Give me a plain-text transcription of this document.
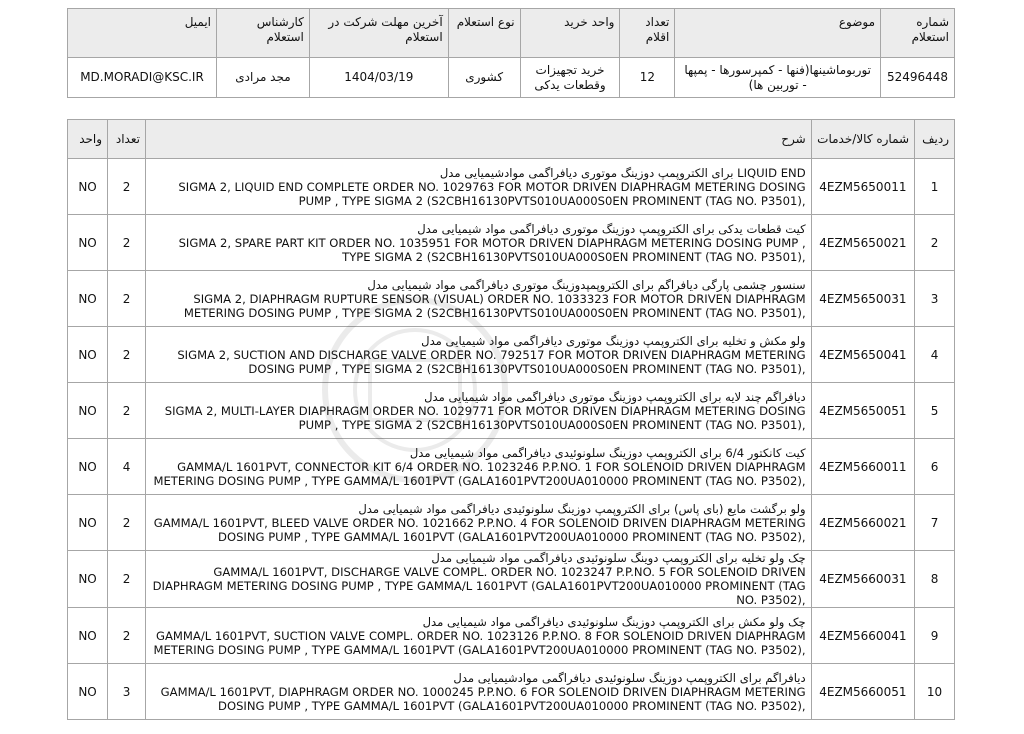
شماره استعلام	موضوع	تعداد اقلام	واحد خرید	نوع استعلام	آخرین مهلت شرکت در استعلام	کارشناس استعلام	ایمیل
52496448	توربوماشینها(فنها - کمپرسورها - پمپها - توربین ها)	12	خرید تجهیزات وقطعات یدکی	کشوری	1404/03/19	مجد مرادی	MD.MORADI@KSC.IR
ردیف	شماره کالا/خدمات	شرح	تعداد	واحد
1	4EZM5650011	LIQUID END برای الکتروپمپ دوزینگ موتوری دیافراگمی موادشیمیایی مدل
SIGMA 2, LIQUID END COMPLETE ORDER NO. 1029763 FOR MOTOR DRIVEN DIAPHRAGM METERING DOSING PUMP , TYPE SIGMA 2 (S2CBH16130PVTS010UA000S0EN PROMINENT (TAG NO. P3501),	2	NO
2	4EZM5650021	کیت قطعات یدکی برای الکتروپمپ دوزینگ موتوری دیافراگمی مواد شیمیایی مدل
SIGMA 2, SPARE PART KIT ORDER NO. 1035951 FOR MOTOR DRIVEN DIAPHRAGM METERING DOSING PUMP , TYPE SIGMA 2 (S2CBH16130PVTS010UA000S0EN PROMINENT (TAG NO. P3501),	2	NO
3	4EZM5650031	سنسور چشمی پارگی دیافراگم برای الکتروپمپدوزینگ موتوری دیافراگمی مواد شیمیایی مدل
SIGMA 2, DIAPHRAGM RUPTURE SENSOR (VISUAL) ORDER NO. 1033323 FOR MOTOR DRIVEN DIAPHRAGM METERING DOSING PUMP , TYPE SIGMA 2 (S2CBH16130PVTS010UA000S0EN PROMINENT (TAG NO. P3501),	2	NO
4	4EZM5650041	ولو مکش و تخلیه برای الکتروپمپ دوزینگ موتوری دیافراگمی مواد شیمیایی مدل
SIGMA 2, SUCTION AND DISCHARGE VALVE ORDER NO. 792517 FOR MOTOR DRIVEN DIAPHRAGM METERING DOSING PUMP , TYPE SIGMA 2 (S2CBH16130PVTS010UA000S0EN PROMINENT (TAG NO. P3501),	2	NO
5	4EZM5650051	دیافراگم چند لایه برای الکتروپمپ دوزینگ موتوری دیافراگمی مواد شیمیایی مدل
SIGMA 2, MULTI-LAYER DIAPHRAGM ORDER NO. 1029771 FOR MOTOR DRIVEN DIAPHRAGM METERING DOSING PUMP , TYPE SIGMA 2 (S2CBH16130PVTS010UA000S0EN PROMINENT (TAG NO. P3501),	2	NO
6	4EZM5660011	کیت کانکتور 6/4 برای الکتروپمپ دوزینگ سلونوئیدی دیافراگمی مواد شیمیایی مدل
GAMMA/L 1601PVT, CONNECTOR KIT 6/4 ORDER NO. 1023246 P.P.NO. 1 FOR SOLENOID DRIVEN DIAPHRAGM METERING DOSING PUMP , TYPE GAMMA/L 1601PVT (GALA1601PVT200UA010000 PROMINENT (TAG NO. P3502),	4	NO
7	4EZM5660021	ولو برگشت مایع (بای پاس) برای الکتروپمپ دوزینگ سلونوئیدی دیافراگمی مواد شیمیایی مدل
GAMMA/L 1601PVT, BLEED VALVE ORDER NO. 1021662 P.P.NO. 4 FOR SOLENOID DRIVEN DIAPHRAGM METERING DOSING PUMP , TYPE GAMMA/L 1601PVT (GALA1601PVT200UA010000 PROMINENT (TAG NO. P3502),	2	NO
8	4EZM5660031	چک ولو تخلیه برای الکتروپمپ دوینگ سلونوئیدی دیافراگمی مواد شیمیایی مدل
GAMMA/L 1601PVT, DISCHARGE VALVE COMPL. ORDER NO. 1023247 P.P.NO. 5 FOR SOLENOID DRIVEN DIAPHRAGM METERING DOSING PUMP , TYPE GAMMA/L 1601PVT (GALA1601PVT200UA010000 PROMINENT (TAG NO. P3502),	2	NO
9	4EZM5660041	چک ولو مکش برای الکتروپمپ دوزینگ سلونوئیدی دیافراگمی مواد شیمیایی مدل
GAMMA/L 1601PVT, SUCTION VALVE COMPL. ORDER NO. 1023126 P.P.NO. 8 FOR SOLENOID DRIVEN DIAPHRAGM METERING DOSING PUMP , TYPE GAMMA/L 1601PVT (GALA1601PVT200UA010000 PROMINENT (TAG NO. P3502),	2	NO
10	4EZM5660051	دیافراگم برای الکتروپمپ دوزینگ سلونوئیدی دیافراگمی موادشیمیایی مدل
GAMMA/L 1601PVT, DIAPHRAGM ORDER NO. 1000245 P.P.NO. 6 FOR SOLENOID DRIVEN DIAPHRAGM METERING DOSING PUMP , TYPE GAMMA/L 1601PVT (GALA1601PVT200UA010000 PROMINENT (TAG NO. P3502),	3	NO
